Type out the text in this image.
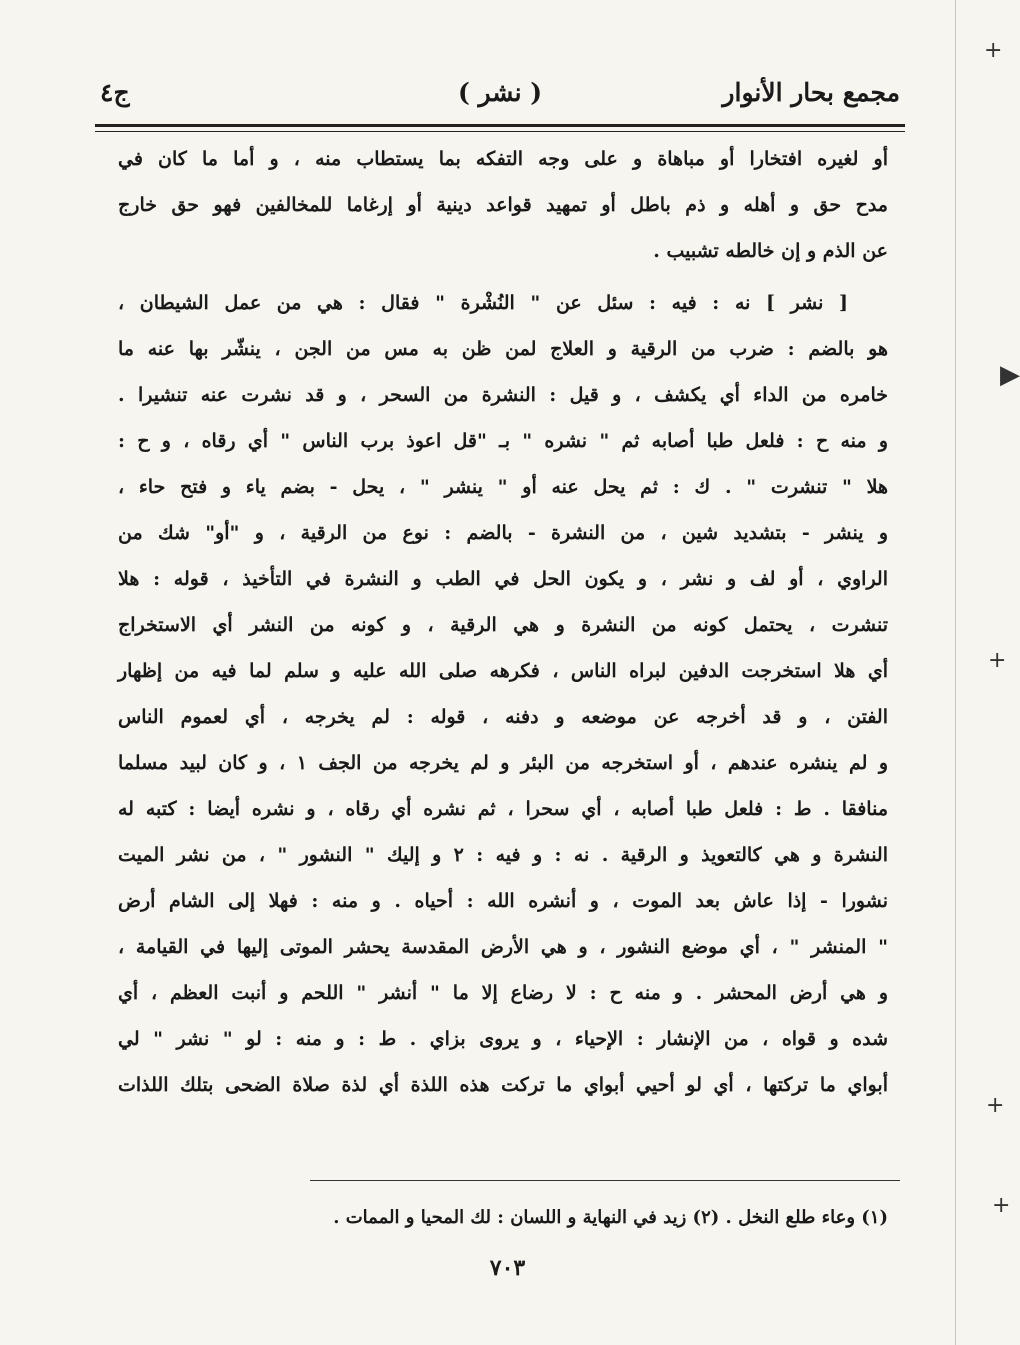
+
+
+
+
▶
مجمع بحار الأنوار
( نشر )
ج٤
أو لغيره افتخارا أو مباهاة و على وجه التفكه بما يستطاب منه ، و أما ما كان في
مدح حق و أهله و ذم باطل أو تمهيد قواعد دينية أو إرغاما للمخالفين فهو حق خارج
عن الذم و إن خالطه تشبيب .
[ نشر ] نه : فيه : سئل عن " النُشْرة " فقال : هي من عمل الشيطان ،
هو بالضم : ضرب من الرقية و العلاج لمن ظن به مس من الجن ، ينشّر بها عنه ما
خامره من الداء أي يكشف ، و قيل : النشرة من السحر ، و قد نشرت عنه تنشيرا .
و منه ح : فلعل طبا أصابه ثم " نشره " بـ "قل اعوذ برب الناس " أي رقاه ، و ح :
هلا " تنشرت " . ك : ثم يحل عنه أو " ينشر " ، يحل - بضم ياء و فتح حاء ،
و ينشر - بتشديد شين ، من النشرة - بالضم : نوع من الرقية ، و "أو" شك من
الراوي ، أو لف و نشر ، و يكون الحل في الطب و النشرة في التأخيذ ، قوله : هلا
تنشرت ، يحتمل كونه من النشرة و هي الرقية ، و كونه من النشر أي الاستخراج
أي هلا استخرجت الدفين لبراه الناس ، فكرهه صلى الله عليه و سلم لما فيه من إظهار
الفتن ، و قد أخرجه عن موضعه و دفنه ، قوله : لم يخرجه ، أي لعموم الناس
و لم ينشره عندهم ، أو استخرجه من البئر و لم يخرجه من الجف ١ ، و كان لبيد مسلما
منافقا . ط : فلعل طبا أصابه ، أي سحرا ، ثم نشره أي رقاه ، و نشره أيضا : كتبه له
النشرة و هي كالتعويذ و الرقية . نه : و فيه : ٢ و إليك " النشور " ، من نشر الميت
نشورا - إذا عاش بعد الموت ، و أنشره الله : أحياه . و منه : فهلا إلى الشام أرض
" المنشر " ، أي موضع النشور ، و هي الأرض المقدسة يحشر الموتى إليها في القيامة ،
و هي أرض المحشر . و منه ح : لا رضاع إلا ما " أنشر " اللحم و أنبت العظم ، أي
شده و قواه ، من الإنشار : الإحياء ، و يروى بزاي . ط : و منه : لو " نشر " لي
أبواي ما تركتها ، أي لو أحيي أبواي ما تركت هذه اللذة أي لذة صلاة الضحى بتلك اللذات
(١) وعاء طلع النخل . (٢) زيد في النهاية و اللسان : لك المحيا و الممات .
٧٠٣
